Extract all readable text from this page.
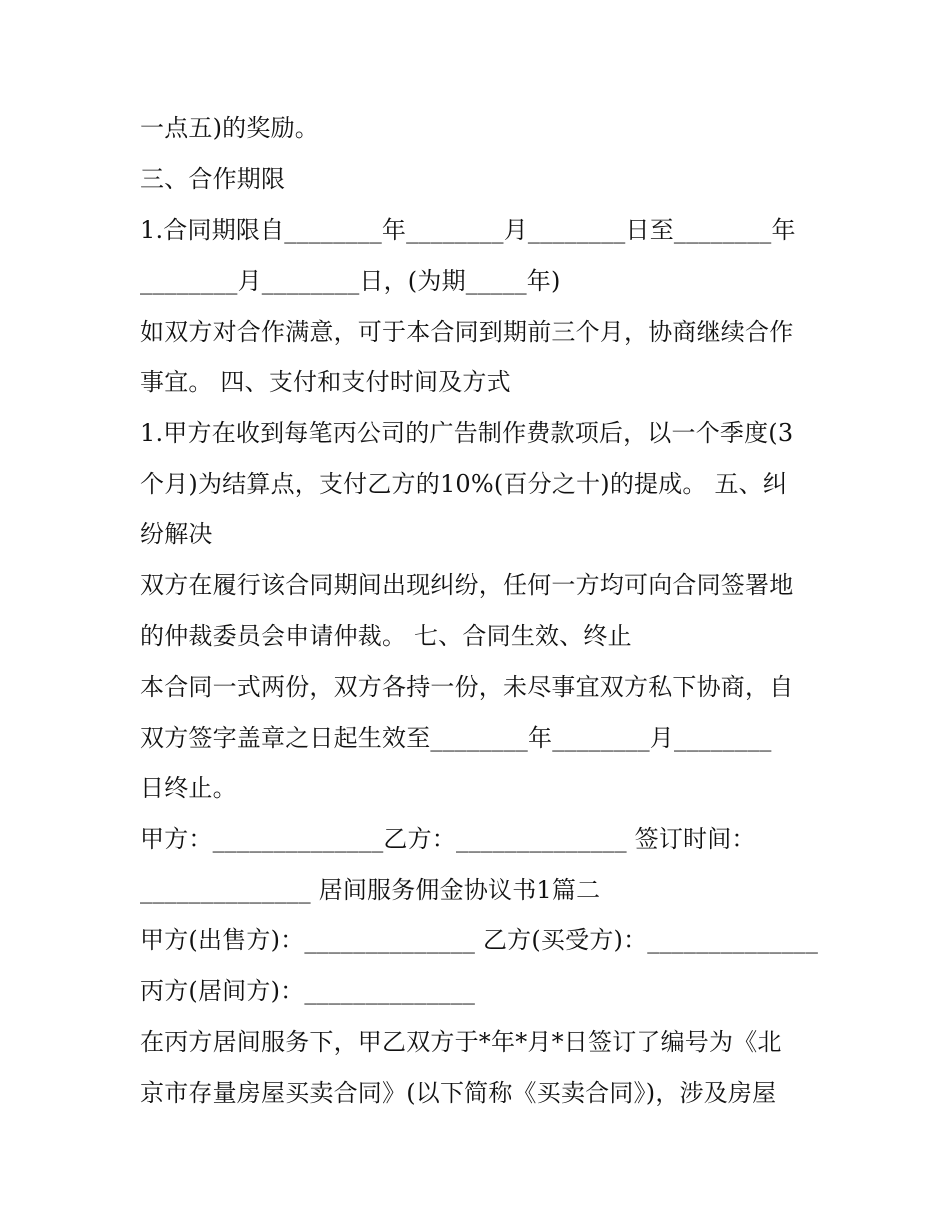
一点五)的奖励。
三、合作期限
1.合同期限自________年________月________日至________年
________月________日，(为期_____年)
如双方对合作满意，可于本合同到期前三个月，协商继续合作
事宜。 四、支付和支付时间及方式
1.甲方在收到每笔丙公司的广告制作费款项后，以一个季度(3
个月)为结算点，支付乙方的10%(百分之十)的提成。 五、纠
纷解决
双方在履行该合同期间出现纠纷，任何一方均可向合同签署地
的仲裁委员会申请仲裁。 七、合同生效、终止
本合同一式两份，双方各持一份，未尽事宜双方私下协商，自
双方签字盖章之日起生效至________年________月________
日终止。
甲方：______________乙方：______________ 签订时间：
______________ 居间服务佣金协议书1篇二
甲方(出售方)：______________ 乙方(买受方)：______________
丙方(居间方)：______________
在丙方居间服务下，甲乙双方于*年*月*日签订了编号为《北
京市存量房屋买卖合同》(以下简称《买卖合同》)，涉及房屋
